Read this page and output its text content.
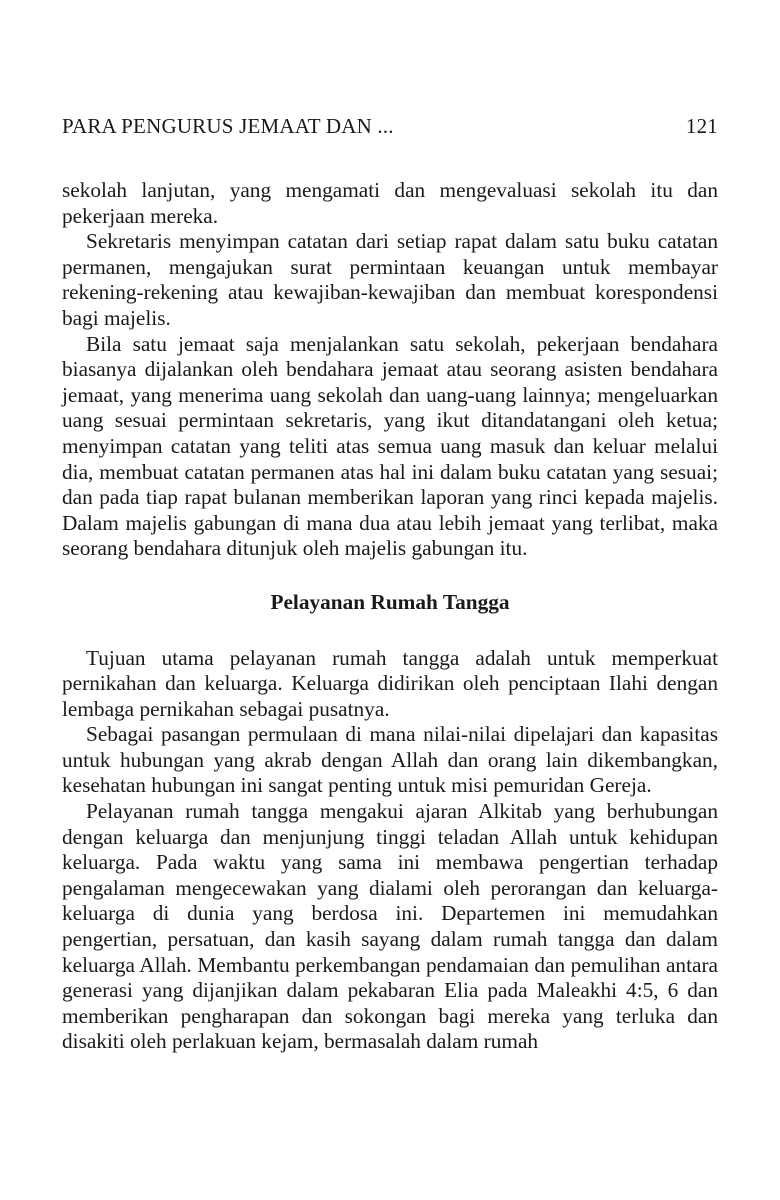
PARA PENGURUS JEMAAT DAN ...	121

sekolah lanjutan, yang mengamati dan mengevaluasi sekolah itu dan pekerjaan mereka.

Sekretaris menyimpan catatan dari setiap rapat dalam satu buku catatan permanen, mengajukan surat permintaan keuangan untuk membayar rekening-rekening atau kewajiban-kewajiban dan membuat korespondensi bagi majelis.

Bila satu jemaat saja menjalankan satu sekolah, pekerjaan bendahara biasanya dijalankan oleh bendahara jemaat atau seorang asisten bendahara jemaat, yang menerima uang sekolah dan uang-uang lainnya; mengeluarkan uang sesuai permintaan sekretaris, yang ikut ditandatangani oleh ketua; menyimpan catatan yang teliti atas semua uang masuk dan keluar melalui dia, membuat catatan permanen atas hal ini dalam buku catatan yang sesuai; dan pada tiap rapat bulanan memberikan laporan yang rinci kepada majelis. Dalam majelis gabungan di mana dua atau lebih jemaat yang terlibat, maka seorang bendahara ditunjuk oleh majelis gabungan itu.

Pelayanan Rumah Tangga

Tujuan utama pelayanan rumah tangga adalah untuk memperkuat pernikahan dan keluarga. Keluarga didirikan oleh penciptaan Ilahi dengan lembaga pernikahan sebagai pusatnya.

Sebagai pasangan permulaan di mana nilai-nilai dipelajari dan kapasitas untuk hubungan yang akrab dengan Allah dan orang lain dikembangkan, kesehatan hubungan ini sangat penting untuk misi pemuridan Gereja.

Pelayanan rumah tangga mengakui ajaran Alkitab yang berhubungan dengan keluarga dan menjunjung tinggi teladan Allah untuk kehidupan keluarga. Pada waktu yang sama ini membawa pengertian terhadap pengalaman mengecewakan yang dialami oleh perorangan dan keluarga-keluarga di dunia yang berdosa ini. Departemen ini memudahkan pengertian, persatuan, dan kasih sayang dalam rumah tangga dan dalam keluarga Allah. Membantu perkembangan pendamaian dan pemulihan antara generasi yang dijanjikan dalam pekabaran Elia pada Maleakhi 4:5, 6 dan memberikan pengharapan dan sokongan bagi mereka yang terluka dan disakiti oleh perlakuan kejam, bermasalah dalam rumah
